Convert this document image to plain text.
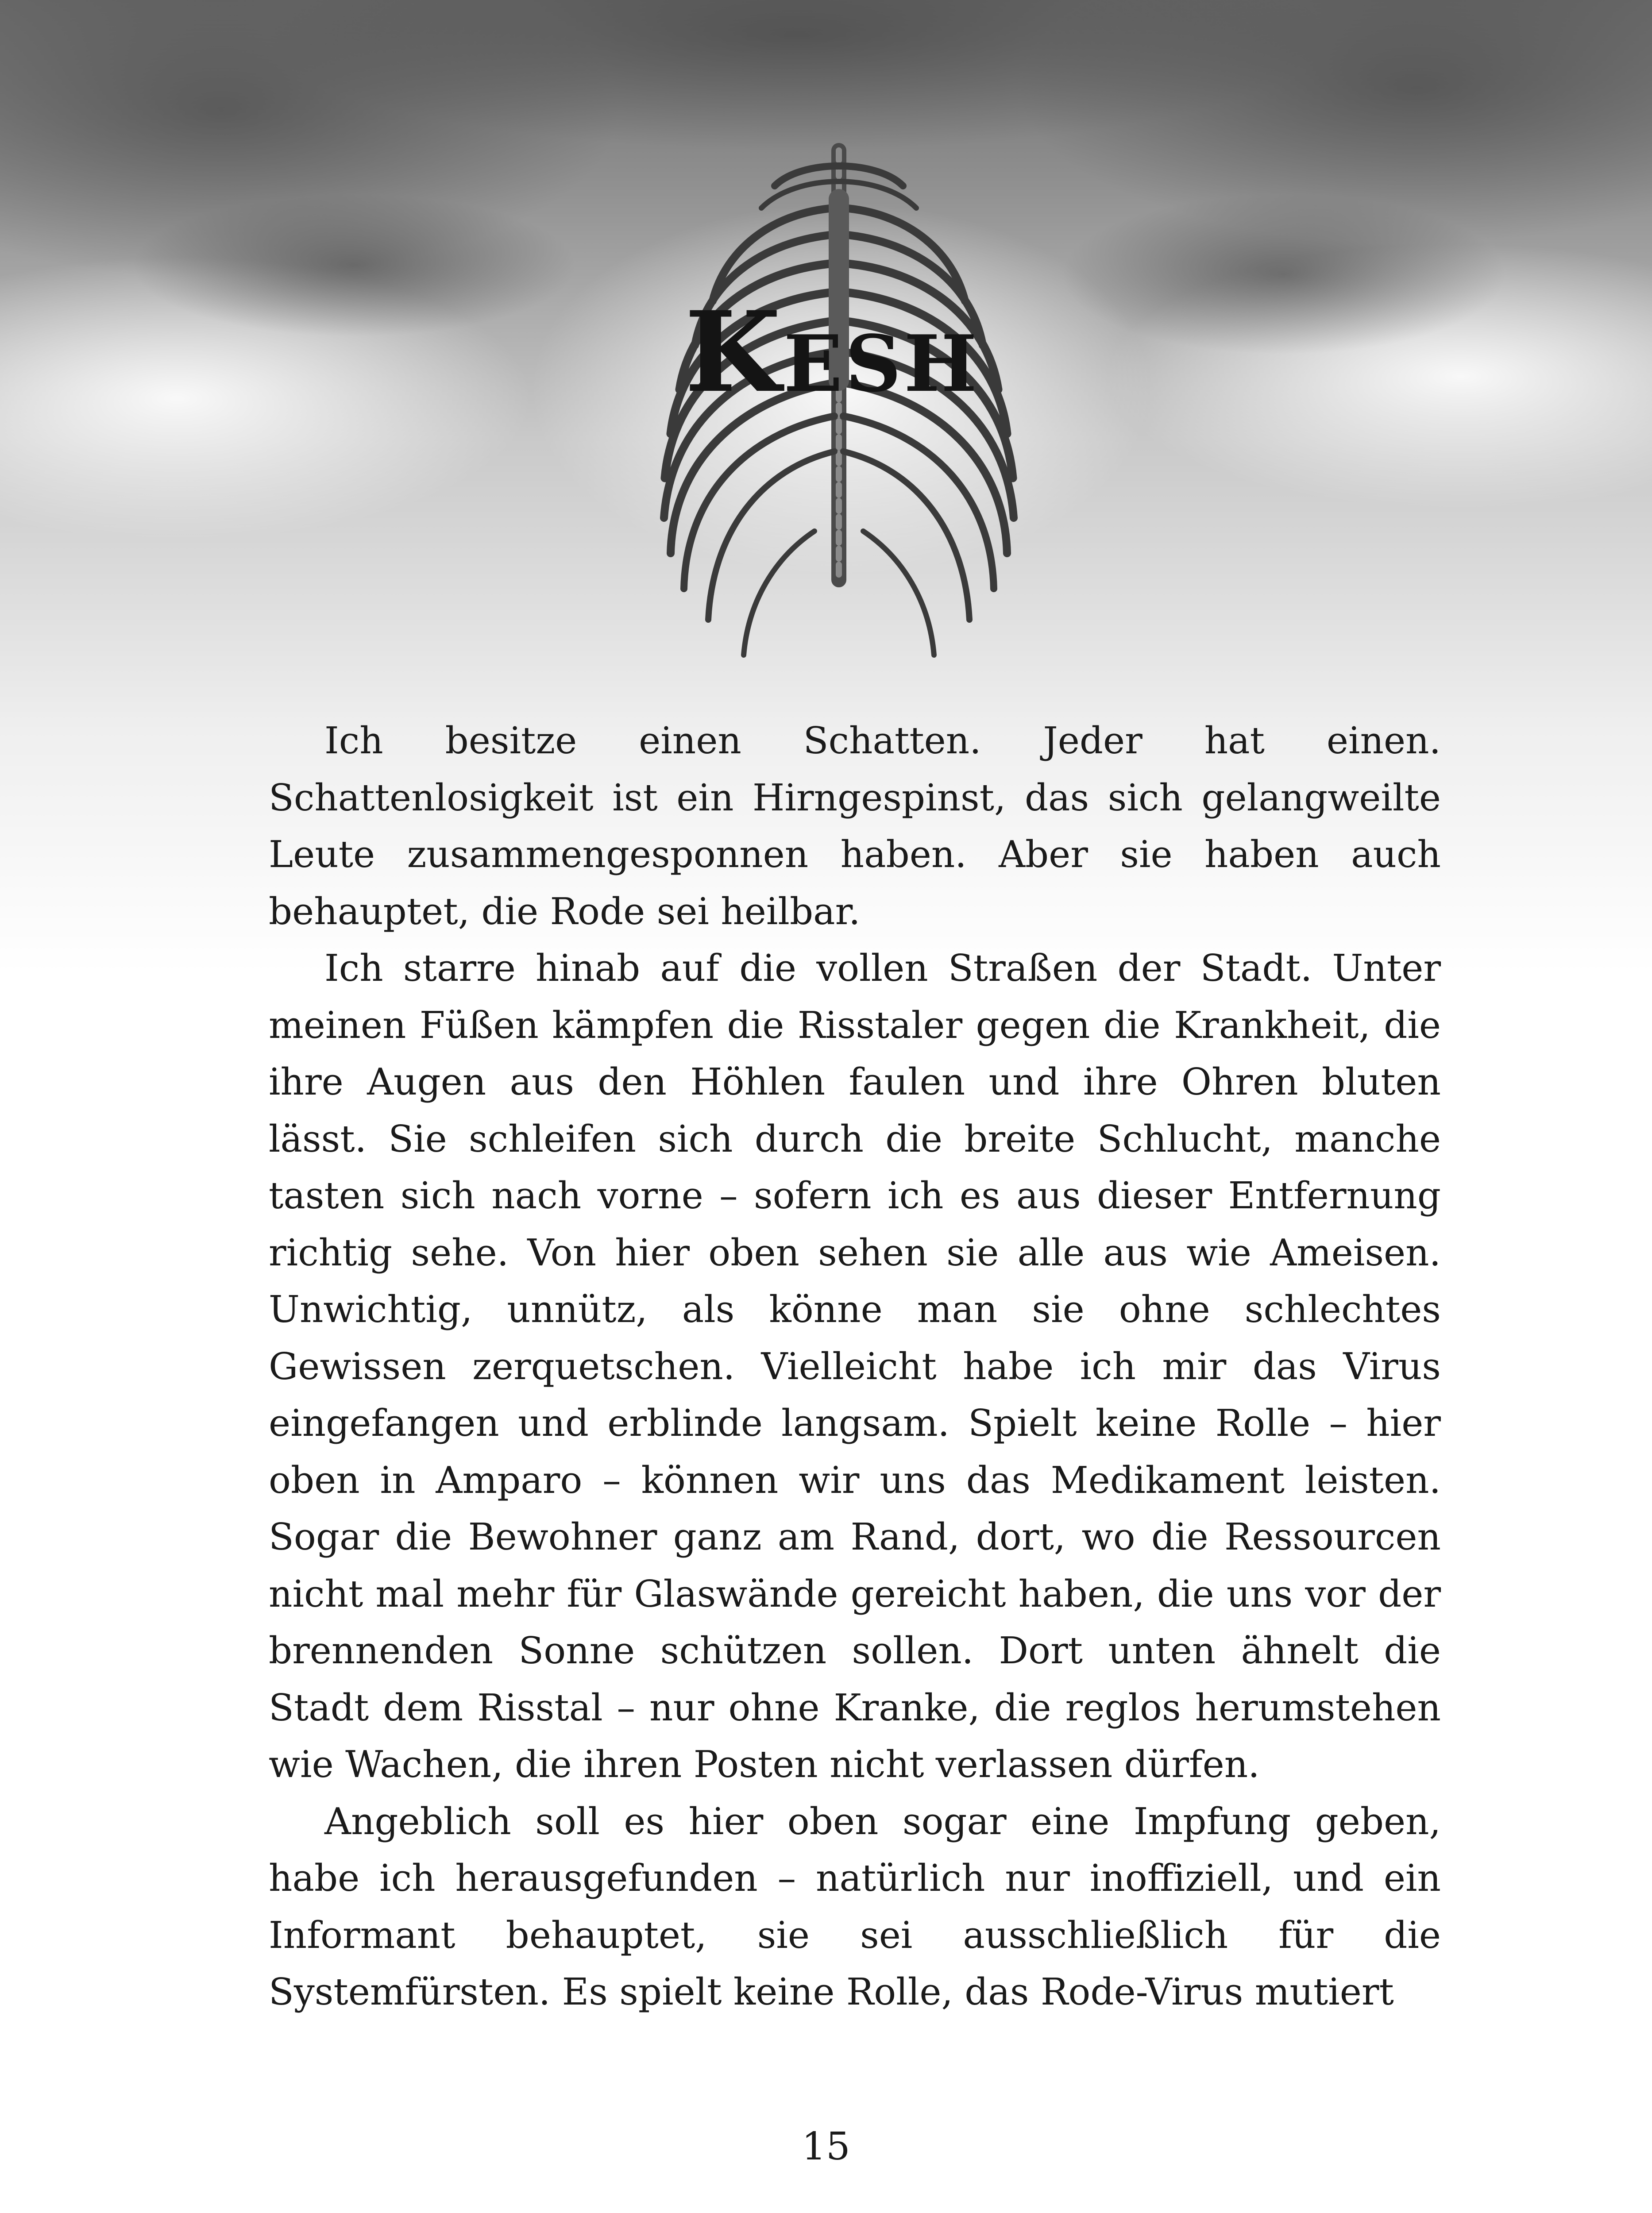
Kesh

Ich besitze einen Schatten. Jeder hat einen. Schattenlosigkeit ist ein Hirngespinst, das sich gelangweilte Leute zusammengesponnen haben. Aber sie haben auch behauptet, die Rode sei heilbar.

Ich starre hinab auf die vollen Straßen der Stadt. Unter meinen Füßen kämpfen die Risstaler gegen die Krankheit, die ihre Augen aus den Höhlen faulen und ihre Ohren bluten lässt. Sie schleifen sich durch die breite Schlucht, manche tasten sich nach vorne – sofern ich es aus dieser Entfernung richtig sehe. Von hier oben sehen sie alle aus wie Ameisen. Unwichtig, unnütz, als könne man sie ohne schlechtes Gewissen zerquetschen. Vielleicht habe ich mir das Virus eingefangen und erblinde langsam. Spielt keine Rolle – hier oben in Amparo – können wir uns das Medikament leisten. Sogar die Bewohner ganz am Rand, dort, wo die Ressourcen nicht mal mehr für Glaswände gereicht haben, die uns vor der brennenden Sonne schützen sollen. Dort unten ähnelt die Stadt dem Risstal – nur ohne Kranke, die reglos herumstehen wie Wachen, die ihren Posten nicht verlassen dürfen.

Angeblich soll es hier oben sogar eine Impfung geben, habe ich herausgefunden – natürlich nur inoffiziell, und ein Informant behauptet, sie sei ausschließlich für die Systemfürsten. Es spielt keine Rolle, das Rode-Virus mutiert

15
